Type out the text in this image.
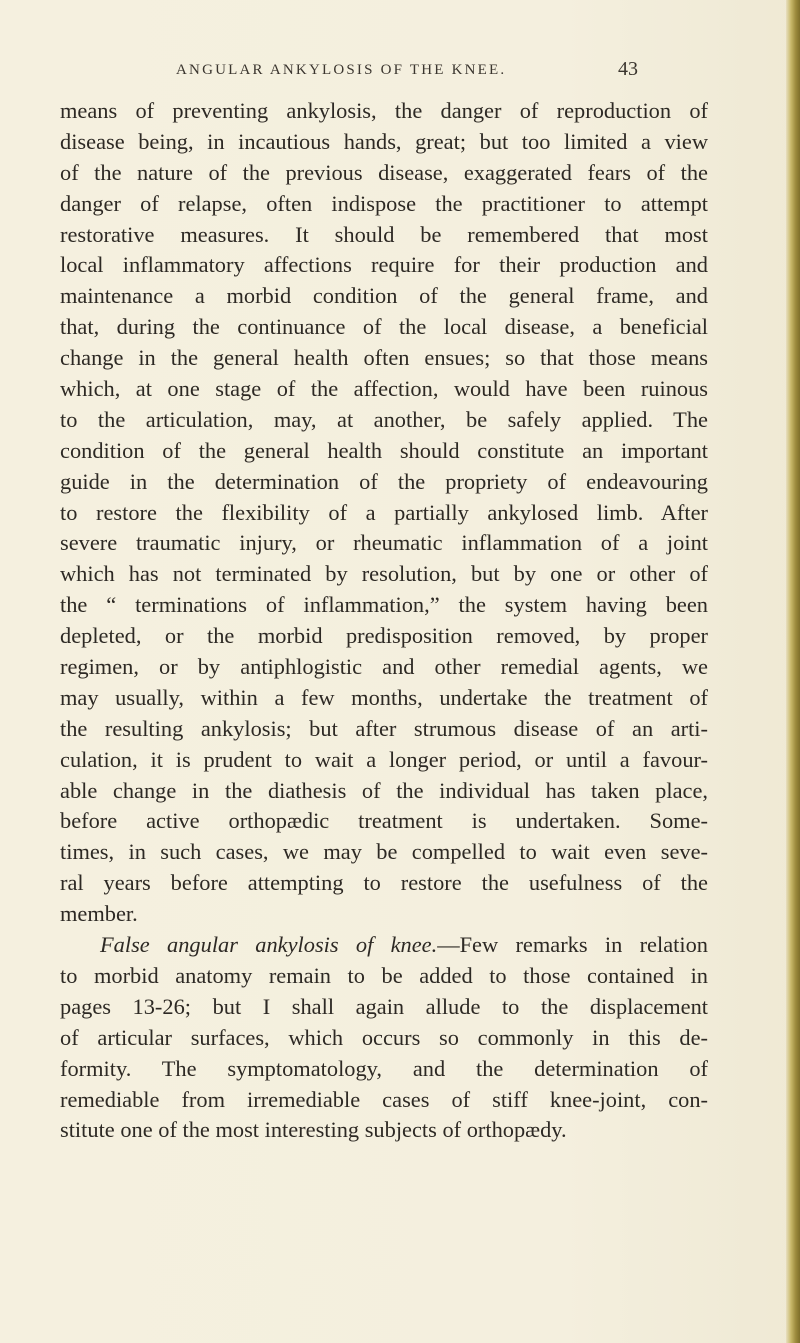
ANGULAR ANKYLOSIS OF THE KNEE.	43
means of preventing ankylosis, the danger of reproduction of
disease being, in incautious hands, great; but too limited a view
of the nature of the previous disease, exaggerated fears of the
danger of relapse, often indispose the practitioner to attempt
restorative measures. It should be remembered that most
local inflammatory affections require for their production and
maintenance a morbid condition of the general frame, and
that, during the continuance of the local disease, a beneficial
change in the general health often ensues; so that those means
which, at one stage of the affection, would have been ruinous
to the articulation, may, at another, be safely applied. The
condition of the general health should constitute an important
guide in the determination of the propriety of endeavouring
to restore the flexibility of a partially ankylosed limb. After
severe traumatic injury, or rheumatic inflammation of a joint
which has not terminated by resolution, but by one or other of
the “ terminations of inflammation,” the system having been
depleted, or the morbid predisposition removed, by proper
regimen, or by antiphlogistic and other remedial agents, we
may usually, within a few months, undertake the treatment of
the resulting ankylosis; but after strumous disease of an arti-
culation, it is prudent to wait a longer period, or until a favour-
able change in the diathesis of the individual has taken place,
before active orthopædic treatment is undertaken. Some-
times, in such cases, we may be compelled to wait even seve-
ral years before attempting to restore the usefulness of the
member.
False angular ankylosis of knee.—Few remarks in relation
to morbid anatomy remain to be added to those contained in
pages 13-26; but I shall again allude to the displacement
of articular surfaces, which occurs so commonly in this de-
formity. The symptomatology, and the determination of
remediable from irremediable cases of stiff knee-joint, con-
stitute one of the most interesting subjects of orthopædy.
